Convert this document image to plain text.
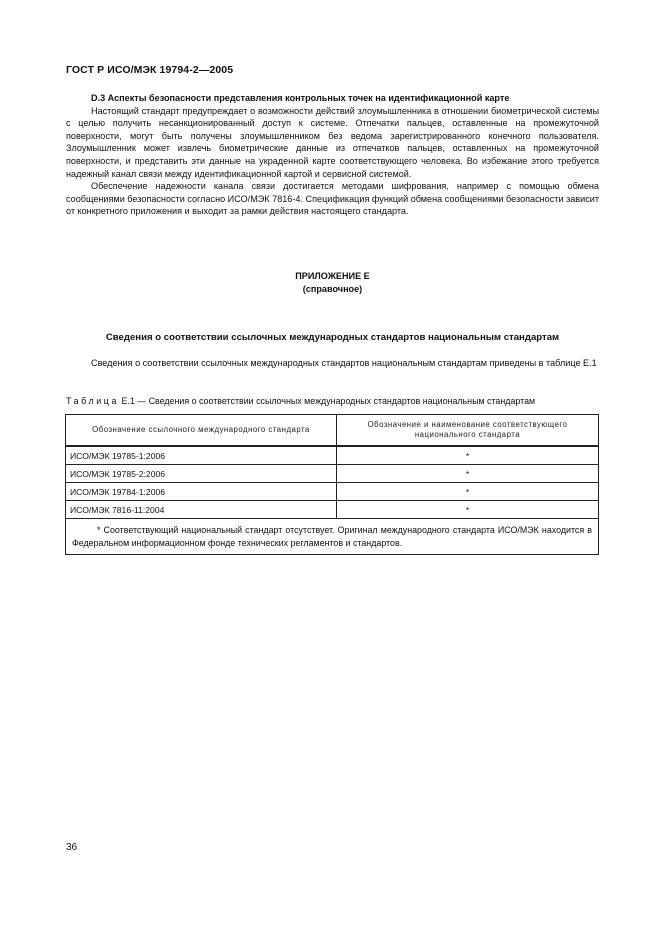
ГОСТ Р ИСО/МЭК 19794-2—2005
D.3 Аспекты безопасности представления контрольных точек на идентификационной карте

Настоящий стандарт предупреждает о возможности действий злоумышленника в отношении биометрической системы с целью получить несанкционированный доступ к системе. Отпечатки пальцев, оставленные на промежуточной поверхности, могут быть получены злоумышленником без ведома зарегистрированного конечного пользователя. Злоумышленник может извлечь биометрические данные из отпечатков пальцев, оставленных на промежуточной поверхности, и представить эти данные на украденной карте соответствующего человека. Во избежание этого требуется надежный канал связи между идентификационной картой и сервисной системой.

Обеспечение надежности канала связи достигается методами шифрования, например с помощью обмена сообщениями безопасности согласно ИСО/МЭК 7816-4. Спецификация функций обмена сообщениями безопасности зависит от конкретного приложения и выходит за рамки действия настоящего стандарта.

ПРИЛОЖЕНИЕ Е
(справочное)
Сведения о соответствии ссылочных международных стандартов национальным стандартам

Сведения о соответствии ссылочных международных стандартов национальным стандартам приведены в таблице Е.1

Таблица Е.1 — Сведения о соответствии ссылочных международных стандартов национальным стандартам
Обозначение ссылочного международного стандарта	Обозначение и наименование соответствующего национального стандарта
ИСО/МЭК 19785-1:2006	*
ИСО/МЭК 19785-2:2006	*
ИСО/МЭК 19784-1:2006	*
ИСО/МЭК 7816-11:2004	*
* Соответствующий национальный стандарт отсутствует. Оригинал международного стандарта ИСО/МЭК находится в Федеральном информационном фонде технических регламентов и стандартов.	
36
